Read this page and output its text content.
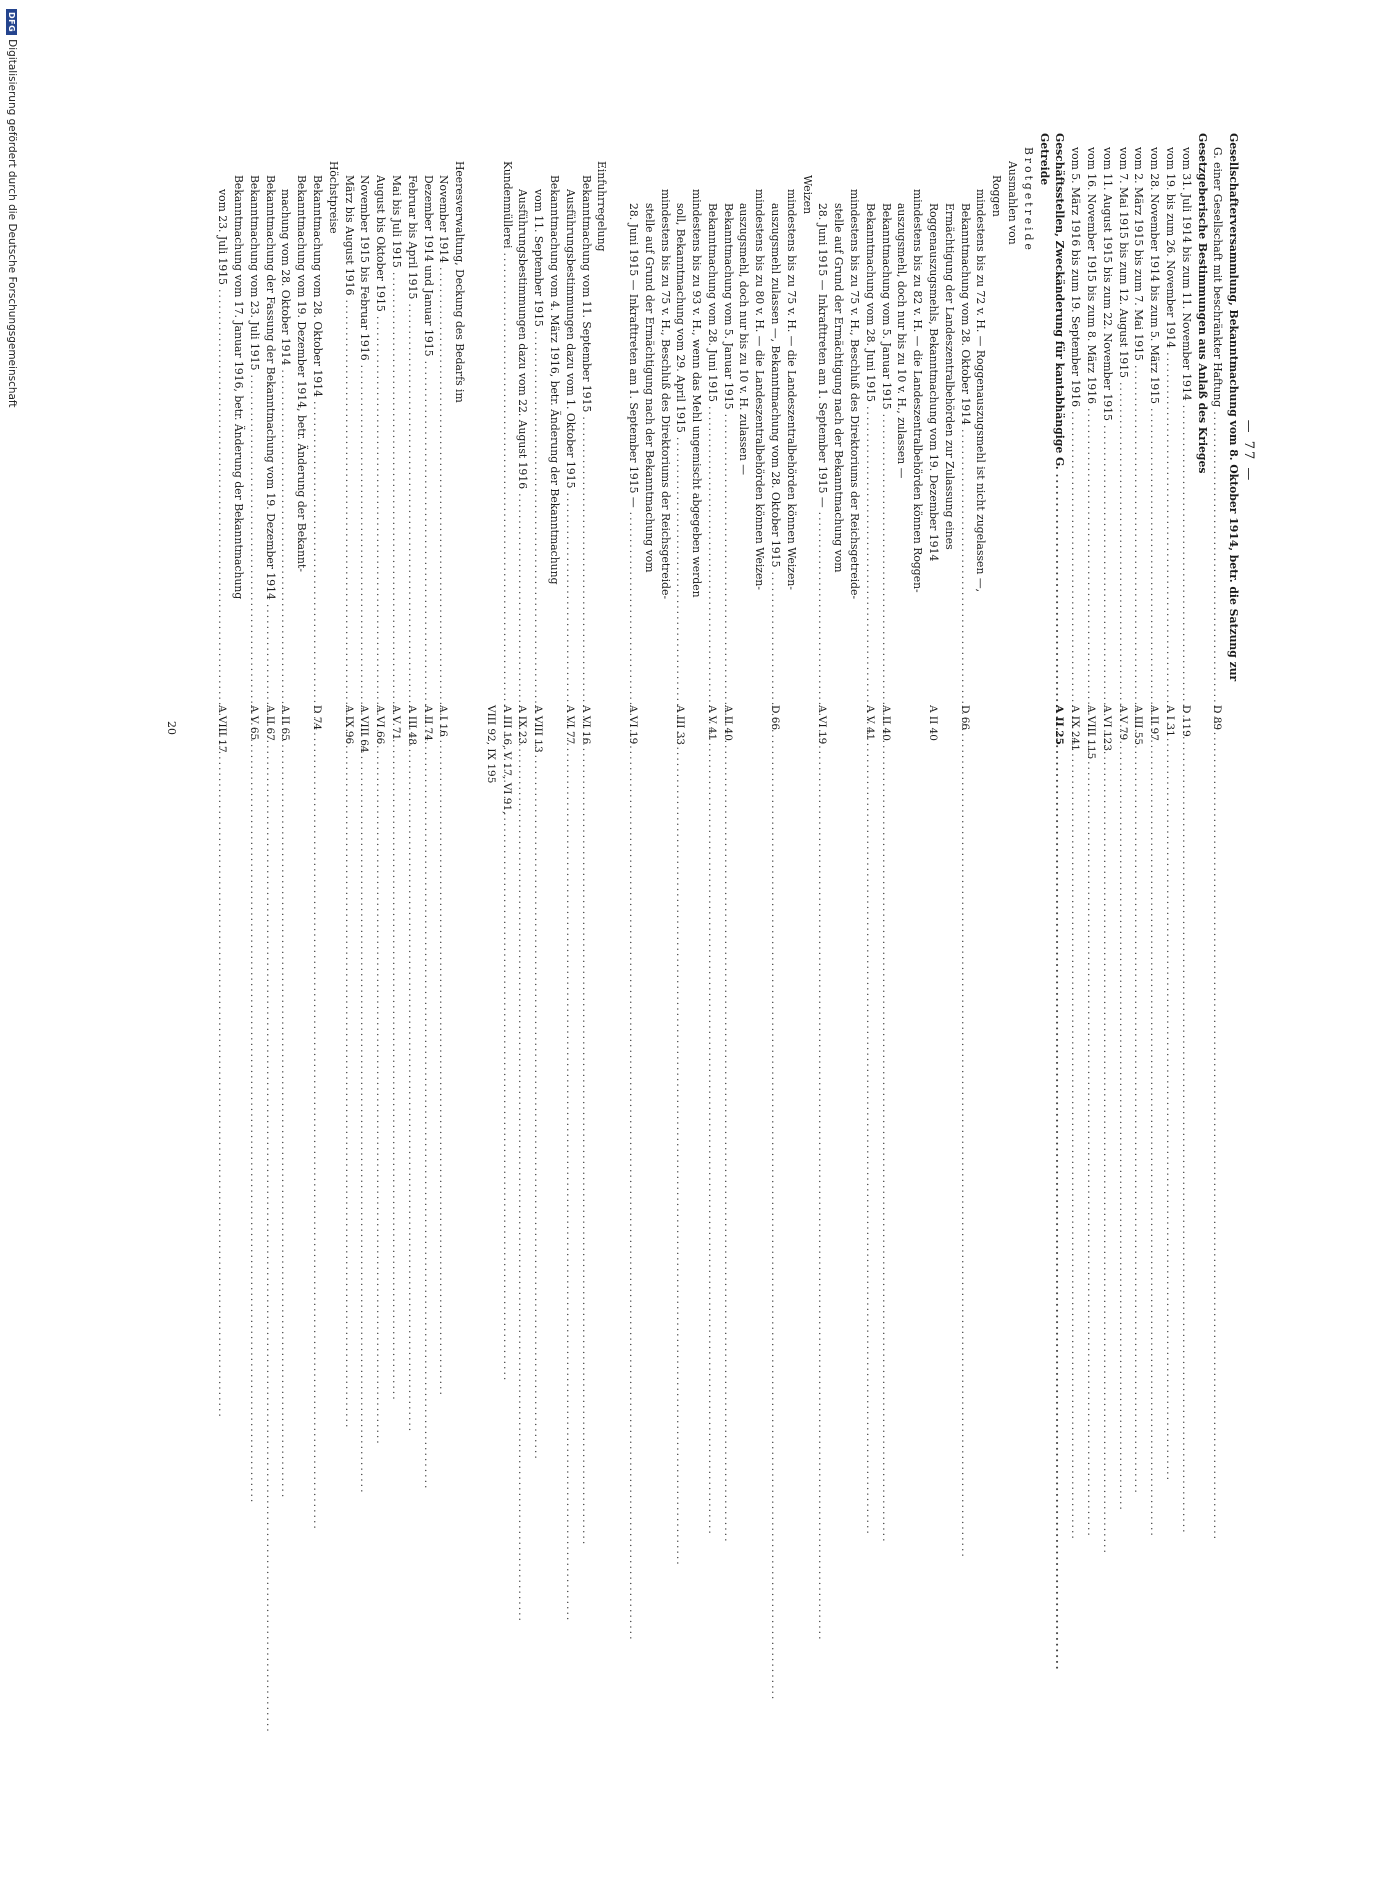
DFG
Digitalisierung gefördert durch die Deutsche Forschungsgemeinschaft
— 77 —
Gesellschafterversammlung, Bekanntmachung vom 8. Oktober 1914, betr. die Satzung zur
G. einer Gesellschaft mit beschränkter Haftung
.....
D 89
Gesetzgeberische Bestimmungen aus Anlaß des Krieges
vom 31. Juli 1914 bis zum 11. November 1914
.....
D 119
vom 19. bis zum 26. November 1914
.....
A I 31
vom 28. November 1914 bis zum 5. März 1915
.....
A II 97
vom 2. März 1915 bis zum 7. Mai 1915
.....
A III 55
vom 7. Mai 1915 bis zum 12. August 1915
.....
A V 79
vom 11. August 1915 bis zum 22. November 1915
.....
A VI 123
vom 16. November 1915 bis zum 8. März 1916
.....
A VIII 115
vom 5. März 1916 bis zum 19. September 1916
.....
A IX 241
Geschäftsstellen, Zweckänderung für kantabhängige G.
.....
A II 25
Getreide
Brotgetreide
Ausmahlen von
Roggen
mindestens bis zu 72 v. H. — Roggenauszugsmehl ist nicht zugelassen —,
Bekanntmachung vom 28. Oktober 1914
.....
D 66
Ermächtigung der Landeszentralbehörden zur Zulassung eines
Roggenauszugsmehls, Bekanntmachung vom 19. Dezember 1914
A II 40
mindestens bis zu 82 v. H. — die Landeszentralbehörden können Roggen-
auszugsmehl, doch nur bis zu 10 v. H., zulassen —
Bekanntmachung vom 5. Januar 1915
.....
A II 40
Bekanntmachung vom 28. Juni 1915
.....
A V 41
mindestens bis zu 75 v. H., Beschluß des Direktoriums der Reichsgetreide-
stelle auf Grund der Ermächtigung nach der Bekanntmachung vom
28. Juni 1915 — Inkrafttreten am 1. September 1915 —
.....
A VI 19
Weizen
mindestens bis zu 75 v. H. — die Landeszentralbehörden können Weizen-
auszugsmehl zulassen —, Bekanntmachung vom 28. Oktober 1915
.....
D 66
mindestens bis zu 80 v. H. — die Landeszentralbehörden können Weizen-
auszugsmehl, doch nur bis zu 10 v. H. zulassen —
Bekanntmachung vom 5. Januar 1915
.....
A II 40
Bekanntmachung vom 28. Juni 1915
.....
A V 41
mindestens bis zu 93 v. H., wenn das Mehl ungemischt abgegeben werden
soll, Bekanntmachung vom 29. April 1915
.....
A III 33
mindestens bis zu 75 v. H., Beschluß des Direktoriums der Reichsgetreide-
stelle auf Grund der Ermächtigung nach der Bekanntmachung vom
28. Juni 1915 — Inkrafttreten am 1. September 1915 —
.....
A VI 19
Einfuhrregelung
Bekanntmachung vom 11. September 1915
.....
A VI 16
Ausführungsbestimmungen dazu vom 1. Oktober 1915
.....
A VI 77
Bekanntmachung vom 4. März 1916, betr. Änderung der Bekanntmachung
vom 11. September 1915
.....
A VIII 13
Ausführungsbestimmungen dazu vom 22. August 1916
.....
A IX 23
Kundenmüllerei
.....
A III 16, V 17, VI 91,
VIII 92, IX 195
Heeresverwaltung, Deckung des Bedarfs im
November 1914
.....
A I 16
Dezember 1914 und Januar 1915
.....
A II 74
Februar bis April 1915
.....
A III 48
Mai bis Juli 1915
.....
A V 71
August bis Oktober 1915
.....
A VI 66
November 1915 bis Februar 1916
.....
A VIII 64
März bis August 1916
.....
A IX 96
Höchstpreise
Bekanntmachung vom 28. Oktober 1914
.....
D 74
Bekanntmachung vom 19. Dezember 1914, betr. Änderung der Bekannt-
machung vom 28. Oktober 1914
.....
A II 65
Bekanntmachung der Fassung der Bekanntmachung vom 19. Dezember 1914
.....
A II 67
Bekanntmachung vom 23. Juli 1915
.....
A V 65
Bekanntmachung vom 17. Januar 1916, betr. Änderung der Bekanntmachung
vom 23. Juli 1915
.....
A VIII 17
20
